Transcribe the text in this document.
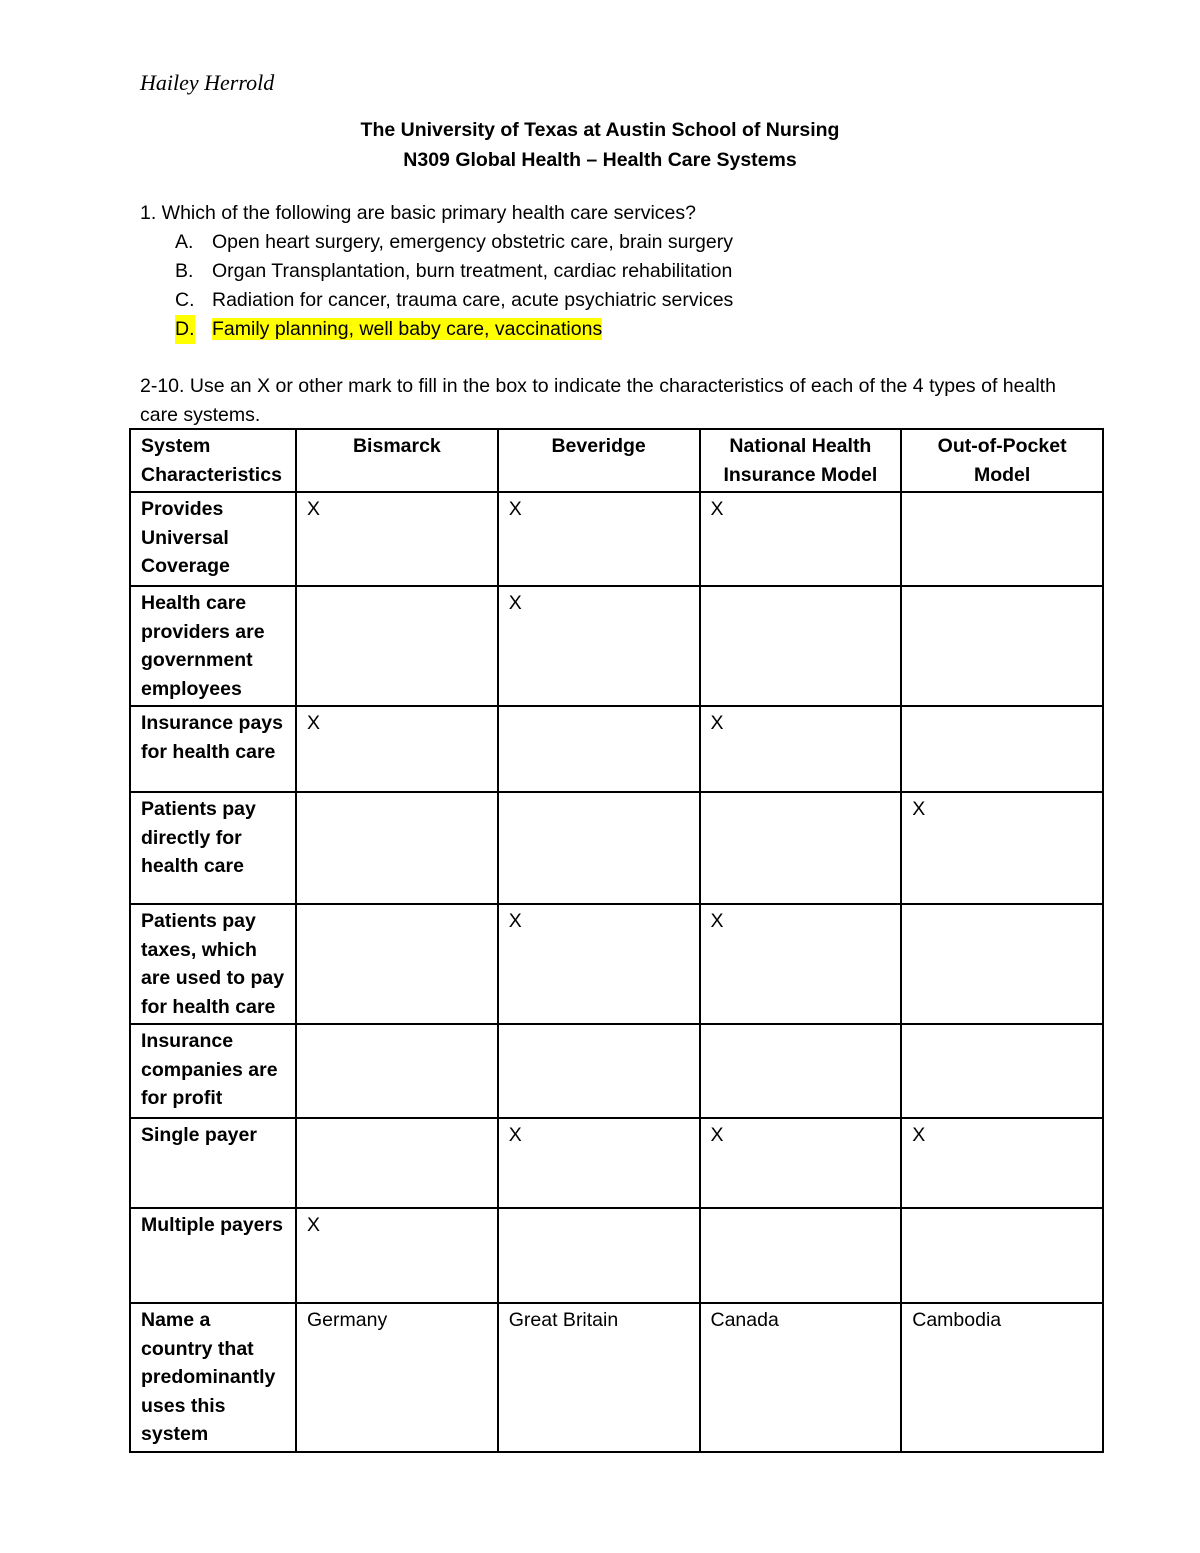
Hailey Herrold
The University of Texas at Austin School of Nursing
N309 Global Health – Health Care Systems
1. Which of the following are basic primary health care services?
A. Open heart surgery, emergency obstetric care, brain surgery
B. Organ Transplantation, burn treatment, cardiac rehabilitation
C. Radiation for cancer, trauma care, acute psychiatric services
D. Family planning, well baby care, vaccinations
2-10. Use an X or other mark to fill in the box to indicate the characteristics of each of the 4 types of health care systems.
System Characteristics	Bismarck	Beveridge	National Health Insurance Model	Out-of-Pocket Model
Provides Universal Coverage	X	X	X	
Health care providers are government employees		X		
Insurance pays for health care	X		X	
Patients pay directly for health care				X
Patients pay taxes, which are used to pay for health care		X	X	
Insurance companies are for profit				
Single payer		X	X	X
Multiple payers	X			
Name a country that predominantly uses this system	Germany	Great Britain	Canada	Cambodia
